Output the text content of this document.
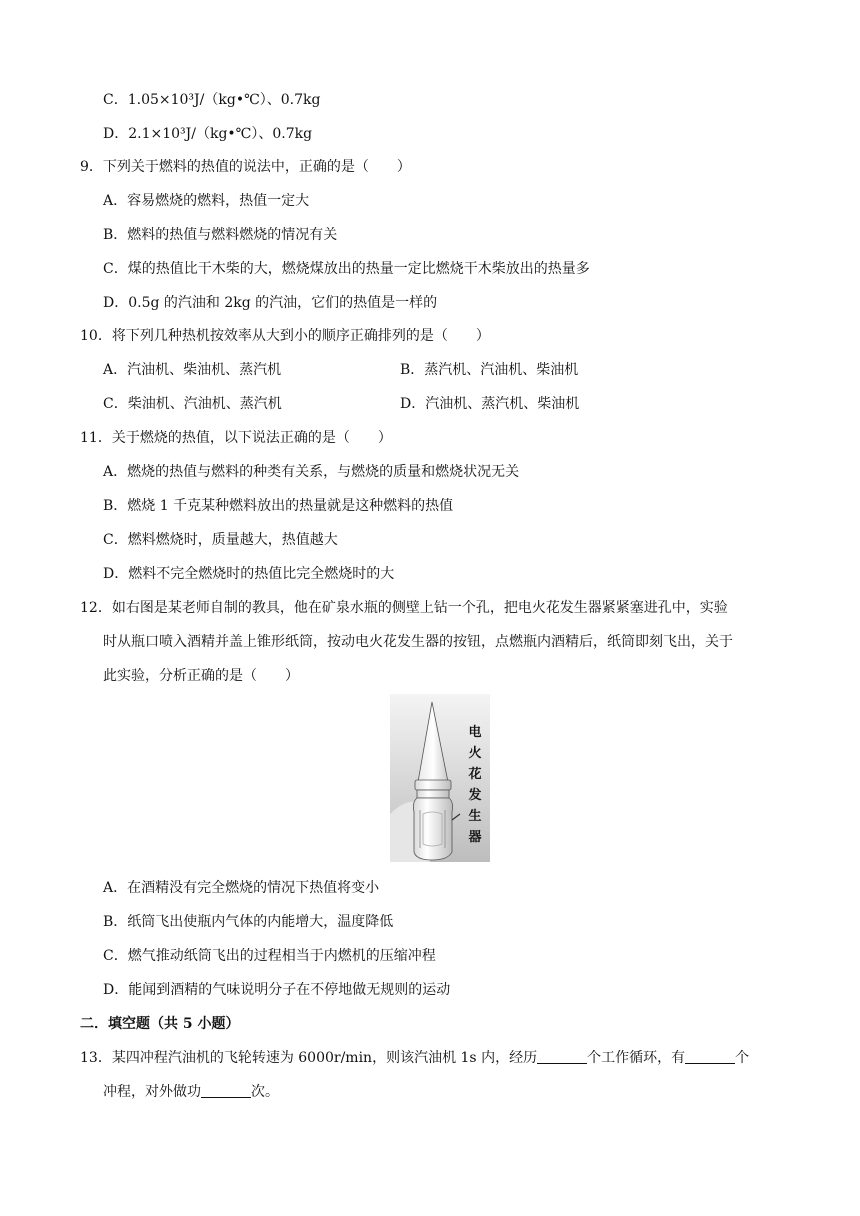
C．1.05×10³J/（kg•℃）、0.7kg
D．2.1×10³J/（kg•℃）、0.7kg
9．下列关于燃料的热值的说法中，正确的是（　　）
A．容易燃烧的燃料，热值一定大
B．燃料的热值与燃料燃烧的情况有关
C．煤的热值比干木柴的大，燃烧煤放出的热量一定比燃烧干木柴放出的热量多
D．0.5g 的汽油和 2kg 的汽油，它们的热值是一样的
10．将下列几种热机按效率从大到小的顺序正确排列的是（　　）
A．汽油机、柴油机、蒸汽机	B．蒸汽机、汽油机、柴油机
C．柴油机、汽油机、蒸汽机	D．汽油机、蒸汽机、柴油机
11．关于燃烧的热值，以下说法正确的是（　　）
A．燃烧的热值与燃料的种类有关系，与燃烧的质量和燃烧状况无关
B．燃烧 1 千克某种燃料放出的热量就是这种燃料的热值
C．燃料燃烧时，质量越大，热值越大
D．燃料不完全燃烧时的热值比完全燃烧时的大
12．如右图是某老师自制的教具，他在矿泉水瓶的侧壁上钻一个孔，把电火花发生器紧紧塞进孔中，实验
时从瓶口喷入酒精并盖上锥形纸筒，按动电火花发生器的按钮，点燃瓶内酒精后，纸筒即刻飞出，关于
此实验，分析正确的是（　　）
电
火
花
发
生
器
A．在酒精没有完全燃烧的情况下热值将变小
B．纸筒飞出使瓶内气体的内能增大，温度降低
C．燃气推动纸筒飞出的过程相当于内燃机的压缩冲程
D．能闻到酒精的气味说明分子在不停地做无规则的运动
二．填空题（共 5 小题）
13．某四冲程汽油机的飞轮转速为 6000r/min，则该汽油机 1s 内，经历	个工作循环，有	个
冲程，对外做功	次。
